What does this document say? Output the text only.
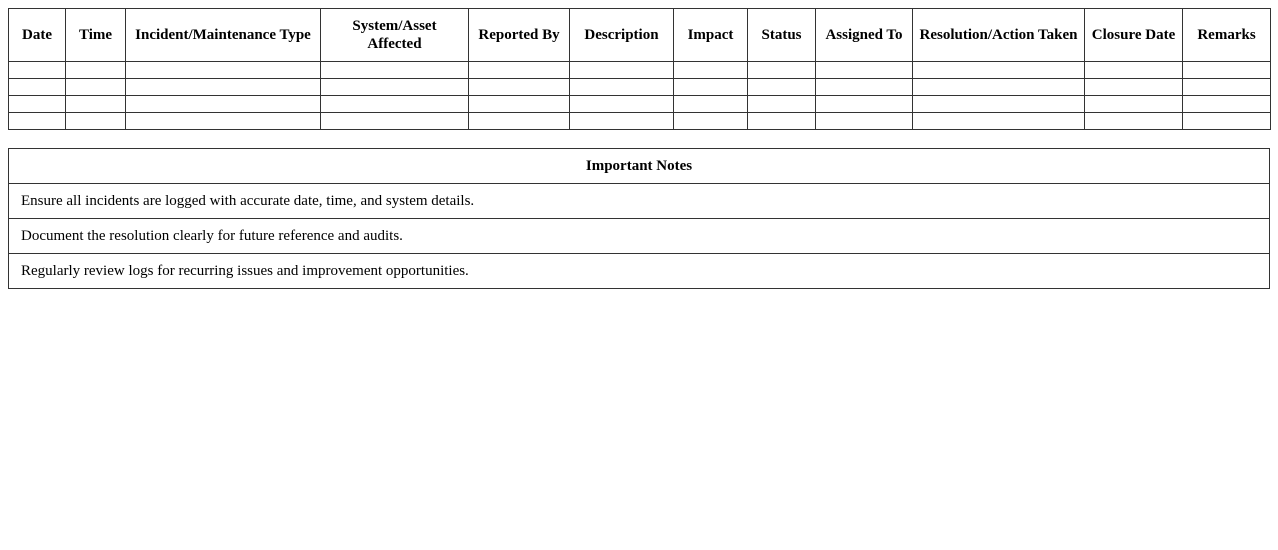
Date	Time	Incident/Maintenance Type	System/Asset Affected	Reported By	Description	Impact	Status	Assigned To	Resolution/Action Taken	Closure Date	Remarks

Important Notes
Ensure all incidents are logged with accurate date, time, and system details.
Document the resolution clearly for future reference and audits.
Regularly review logs for recurring issues and improvement opportunities.
